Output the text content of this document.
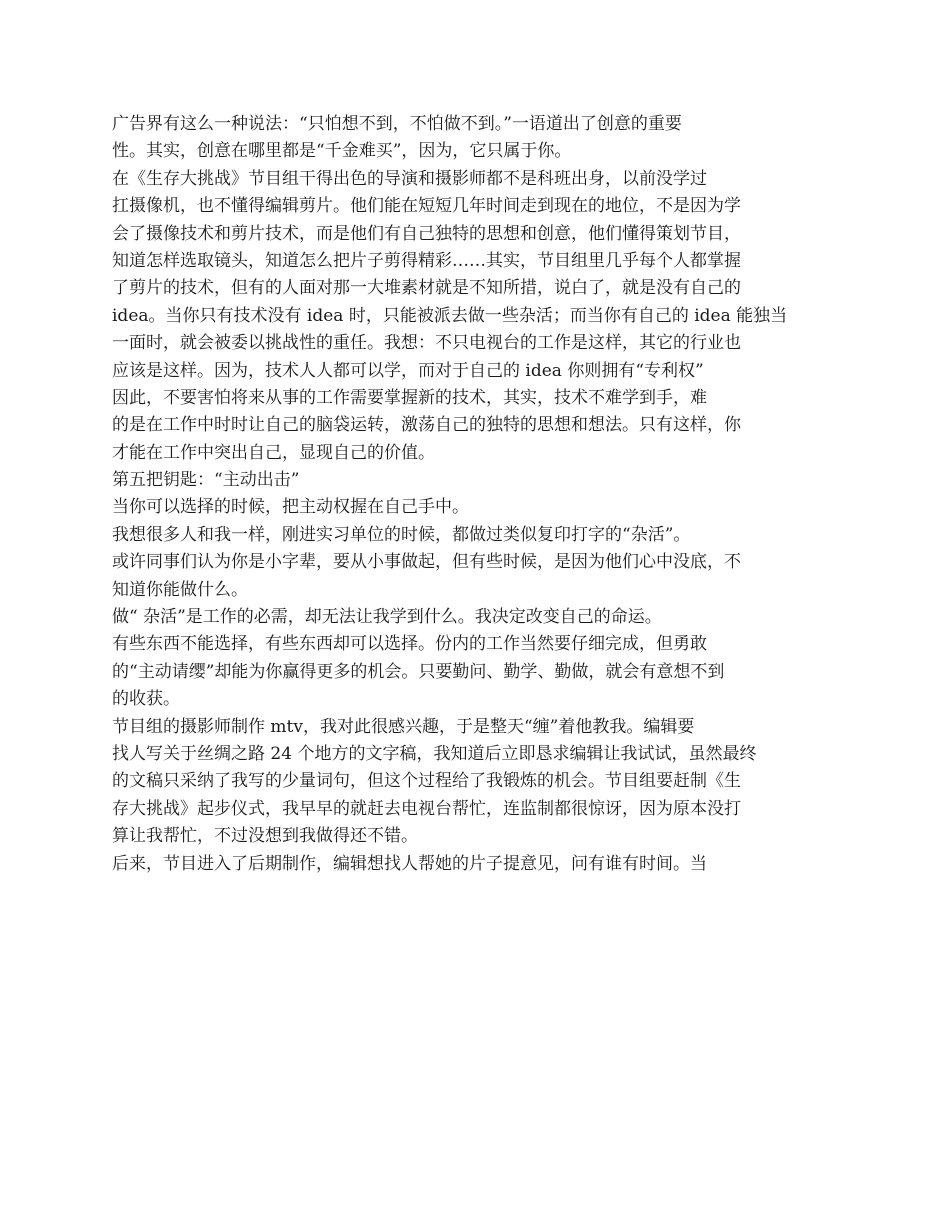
广告界有这么一种说法：“只怕想不到，不怕做不到。”一语道出了创意的重要
性。其实，创意在哪里都是“千金难买”，因为，它只属于你。
在《生存大挑战》节目组干得出色的导演和摄影师都不是科班出身，以前没学过
扛摄像机，也不懂得编辑剪片。他们能在短短几年时间走到现在的地位，不是因为学
会了摄像技术和剪片技术，而是他们有自己独特的思想和创意，他们懂得策划节目，
知道怎样选取镜头，知道怎么把片子剪得精彩……其实，节目组里几乎每个人都掌握
了剪片的技术，但有的人面对那一大堆素材就是不知所措，说白了，就是没有自己的
idea。当你只有技术没有 idea 时，只能被派去做一些杂活；而当你有自己的 idea 能独当
一面时，就会被委以挑战性的重任。我想：不只电视台的工作是这样，其它的行业也
应该是这样。因为，技术人人都可以学，而对于自己的 idea 你则拥有“专利权”
因此，不要害怕将来从事的工作需要掌握新的技术，其实，技术不难学到手，难
的是在工作中时时让自己的脑袋运转，激荡自己的独特的思想和想法。只有这样，你
才能在工作中突出自己，显现自己的价值。
第五把钥匙：“主动出击”
当你可以选择的时候，把主动权握在自己手中。
我想很多人和我一样，刚进实习单位的时候，都做过类似复印打字的“杂活”。
或许同事们认为你是小字辈，要从小事做起，但有些时候，是因为他们心中没底，不
知道你能做什么。
做“ 杂活”是工作的必需，却无法让我学到什么。我决定改变自己的命运。
有些东西不能选择，有些东西却可以选择。份内的工作当然要仔细完成，但勇敢
的“主动请缨”却能为你赢得更多的机会。只要勤问、勤学、勤做，就会有意想不到
的收获。
节目组的摄影师制作 mtv，我对此很感兴趣，于是整天“缠”着他教我。编辑要
找人写关于丝绸之路 24 个地方的文字稿，我知道后立即恳求编辑让我试试，虽然最终
的文稿只采纳了我写的少量词句，但这个过程给了我锻炼的机会。节目组要赶制《生
存大挑战》起步仪式，我早早的就赶去电视台帮忙，连监制都很惊讶，因为原本没打
算让我帮忙，不过没想到我做得还不错。
后来，节目进入了后期制作，编辑想找人帮她的片子提意见，问有谁有时间。当
